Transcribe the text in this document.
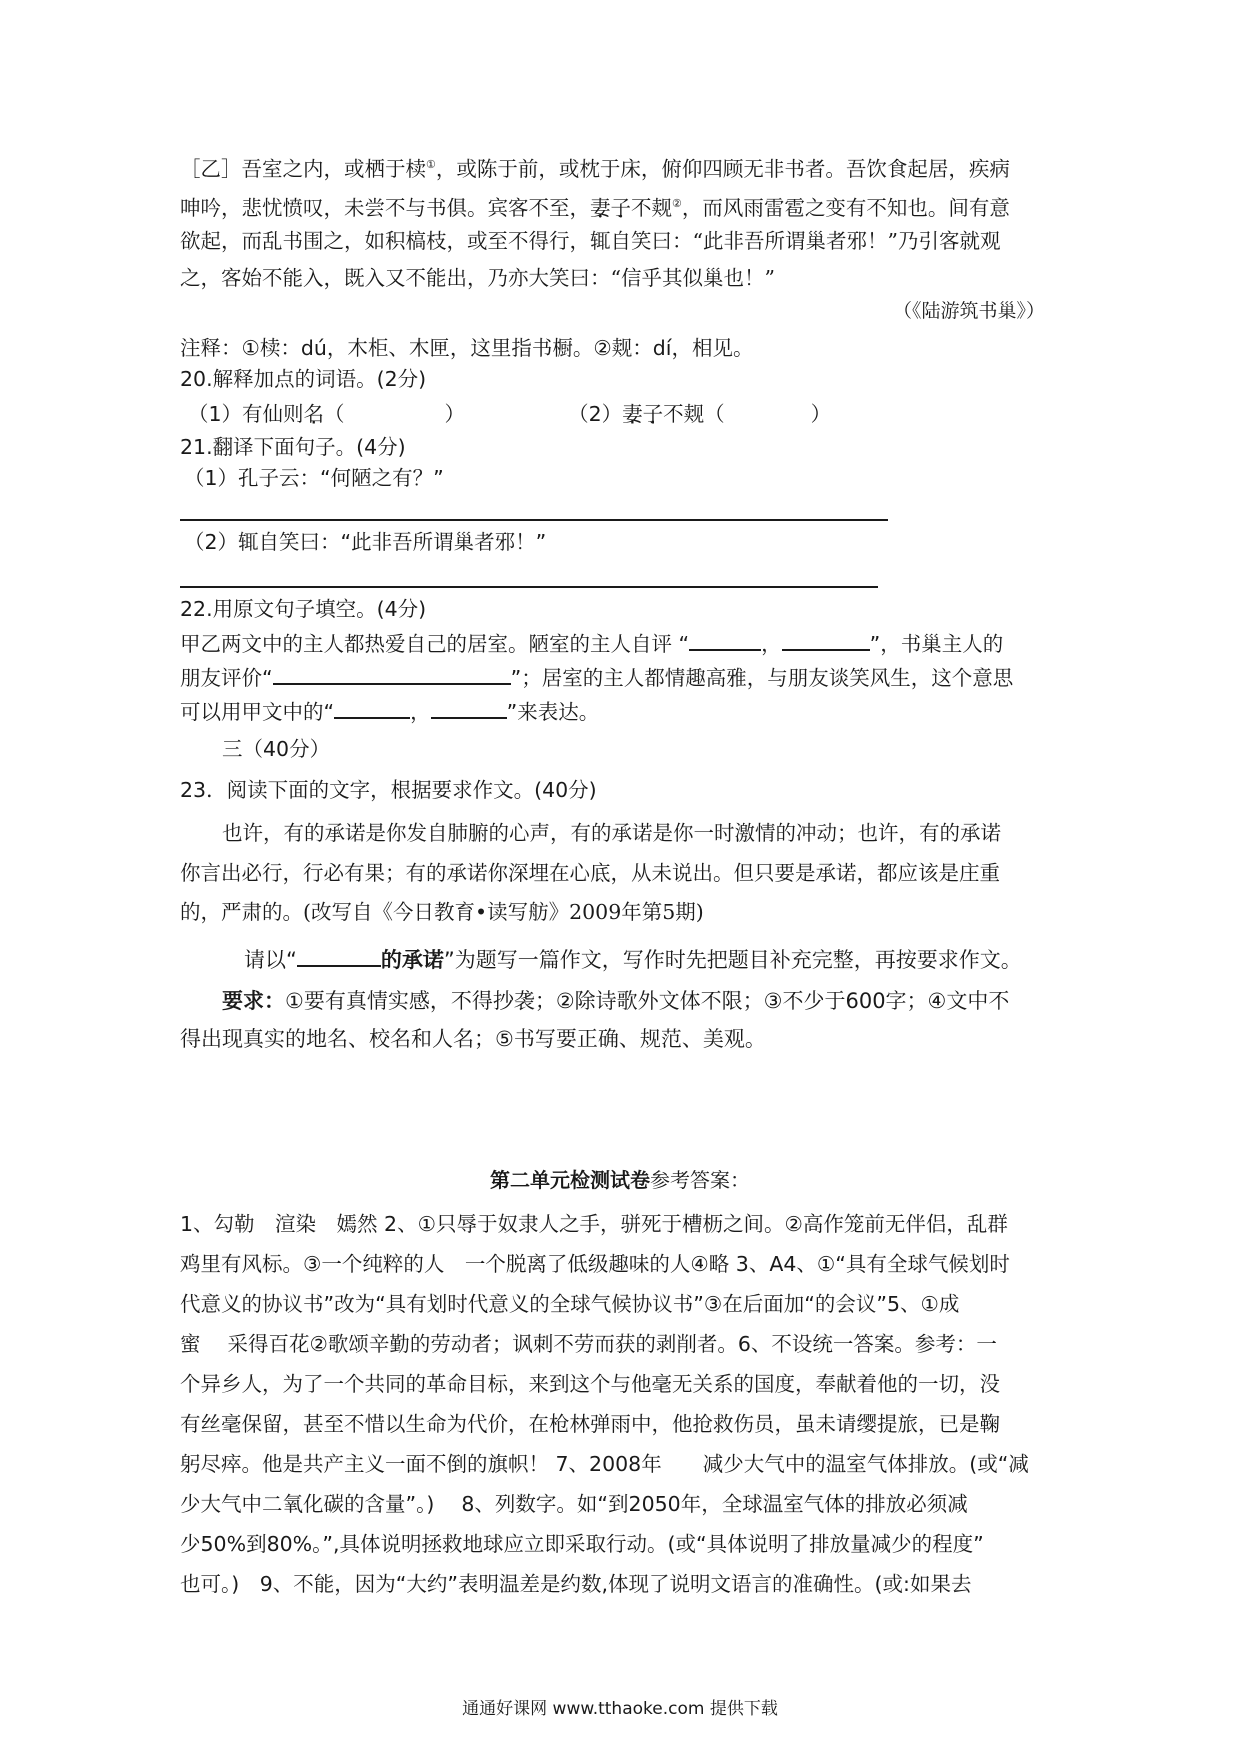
［乙］吾室之内，或栖于椟①，或陈于前，或枕于床，俯仰四顾无非书者。吾饮食起居，疾病
呻吟，悲忧愤叹，未尝不与书俱。宾客不至，妻子不觌②，而风雨雷雹之变有不知也。间有意
欲起，而乱书围之，如积槁枝，或至不得行，辄自笑曰：“此非吾所谓巢者邪！”乃引客就观
之，客始不能入，既入又不能出，乃亦大笑曰：“信乎其似巢也！”
（《陆游筑书巢》）
注释：①椟：dú，木柜、木匣，这里指书橱。②觌：dí，相见。
20.解释加点的词语。(2分)
（1）有仙则名（	）	（2）妻子不觌（	）
21.翻译下面句子。(4分)
（1）孔子云：“何陋之有？”
（2）辄自笑曰：“此非吾所谓巢者邪！”
22.用原文句子填空。(4分)
甲乙两文中的主人都热爱自己的居室。陋室的主人自评 “	，	”，书巢主人的
朋友评价“	”；居室的主人都情趣高雅，与朋友谈笑风生，这个意思
可以用甲文中的“	，	”来表达。
三（40分）
23．阅读下面的文字，根据要求作文。(40分)
也许，有的承诺是你发自肺腑的心声，有的承诺是你一时激情的冲动；也许，有的承诺
你言出必行，行必有果；有的承诺你深埋在心底，从未说出。但只要是承诺，都应该是庄重
的，严肃的。(改写自《今日教育•读写舫》2009年第5期)
请以“	的承诺”为题写一篇作文，写作时先把题目补充完整，再按要求作文。
要求：①要有真情实感，不得抄袭；②除诗歌外文体不限；③不少于600字；④文中不
得出现真实的地名、校名和人名；⑤书写要正确、规范、美观。
第二单元检测试卷参考答案：
1、勾勒　渲染　嫣然 2、①只辱于奴隶人之手，骈死于槽枥之间。②高作笼前无伴侣，乱群
鸡里有风标。③一个纯粹的人　一个脱离了低级趣味的人④略 3、A4、①“具有全球气候划时
代意义的协议书”改为“具有划时代意义的全球气候协议书”③在后面加“的会议”5、①成
蜜　 采得百花②歌颂辛勤的劳动者；讽刺不劳而获的剥削者。6、不设统一答案。参考：一
个异乡人，为了一个共同的革命目标，来到这个与他毫无关系的国度，奉献着他的一切，没
有丝毫保留，甚至不惜以生命为代价，在枪林弹雨中，他抢救伤员，虽未请缨提旅，已是鞠
躬尽瘁。他是共产主义一面不倒的旗帜！ 7、2008年　　减少大气中的温室气体排放。(或“减
少大气中二氧化碳的含量”。)　 8、列数字。如“到2050年，全球温室气体的排放必须减
少50%到80%。”,具体说明拯救地球应立即采取行动。(或“具体说明了排放量减少的程度”
也可。)　9、不能，因为“大约”表明温差是约数,体现了说明文语言的准确性。(或:如果去
通通好课网 www.tthaoke.com 提供下载
